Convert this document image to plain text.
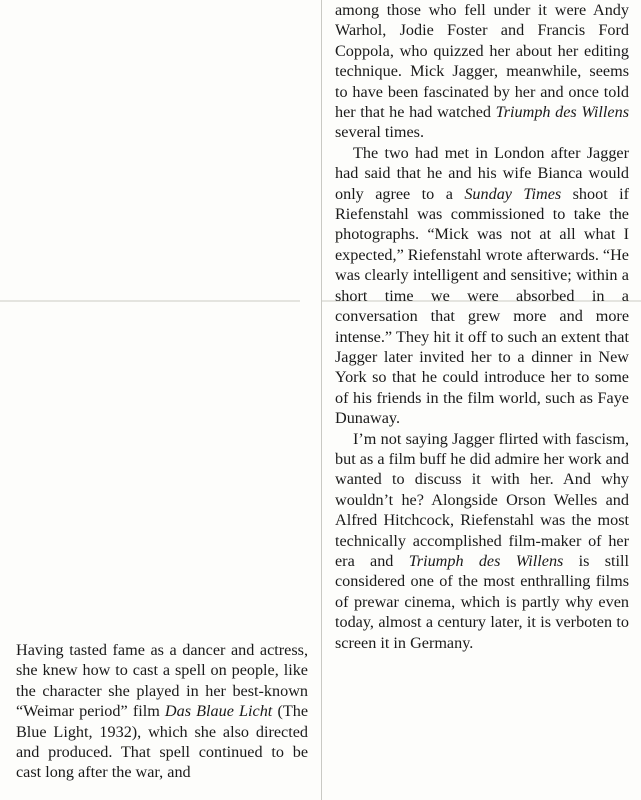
Having tasted fame as a dancer and actress, she knew how to cast a spell on people, like the character she played in her best-known “Weimar period” film Das Blaue Licht (The Blue Light, 1932), which she also directed and produced. That spell continued to be cast long after the war, and

among those who fell under it were Andy Warhol, Jodie Foster and Francis Ford Coppola, who quizzed her about her editing technique. Mick Jagger, meanwhile, seems to have been fascinated by her and once told her that he had watched Triumph des Willens several times.

The two had met in London after Jagger had said that he and his wife Bianca would only agree to a Sunday Times shoot if Riefenstahl was commissioned to take the photographs. “Mick was not at all what I expected,” Riefenstahl wrote afterwards. “He was clearly intelligent and sensitive; within a short time we were absorbed in a conversation that grew more and more intense.” They hit it off to such an extent that Jagger later invited her to a dinner in New York so that he could introduce her to some of his friends in the film world, such as Faye Dunaway.

I’m not saying Jagger flirted with fascism, but as a film buff he did admire her work and wanted to discuss it with her. And why wouldn’t he? Alongside Orson Welles and Alfred Hitchcock, Riefenstahl was the most technically accomplished film-maker of her era and Triumph des Willens is still considered one of the most enthralling films of prewar cinema, which is partly why even today, almost a century later, it is verboten to screen it in Germany.
